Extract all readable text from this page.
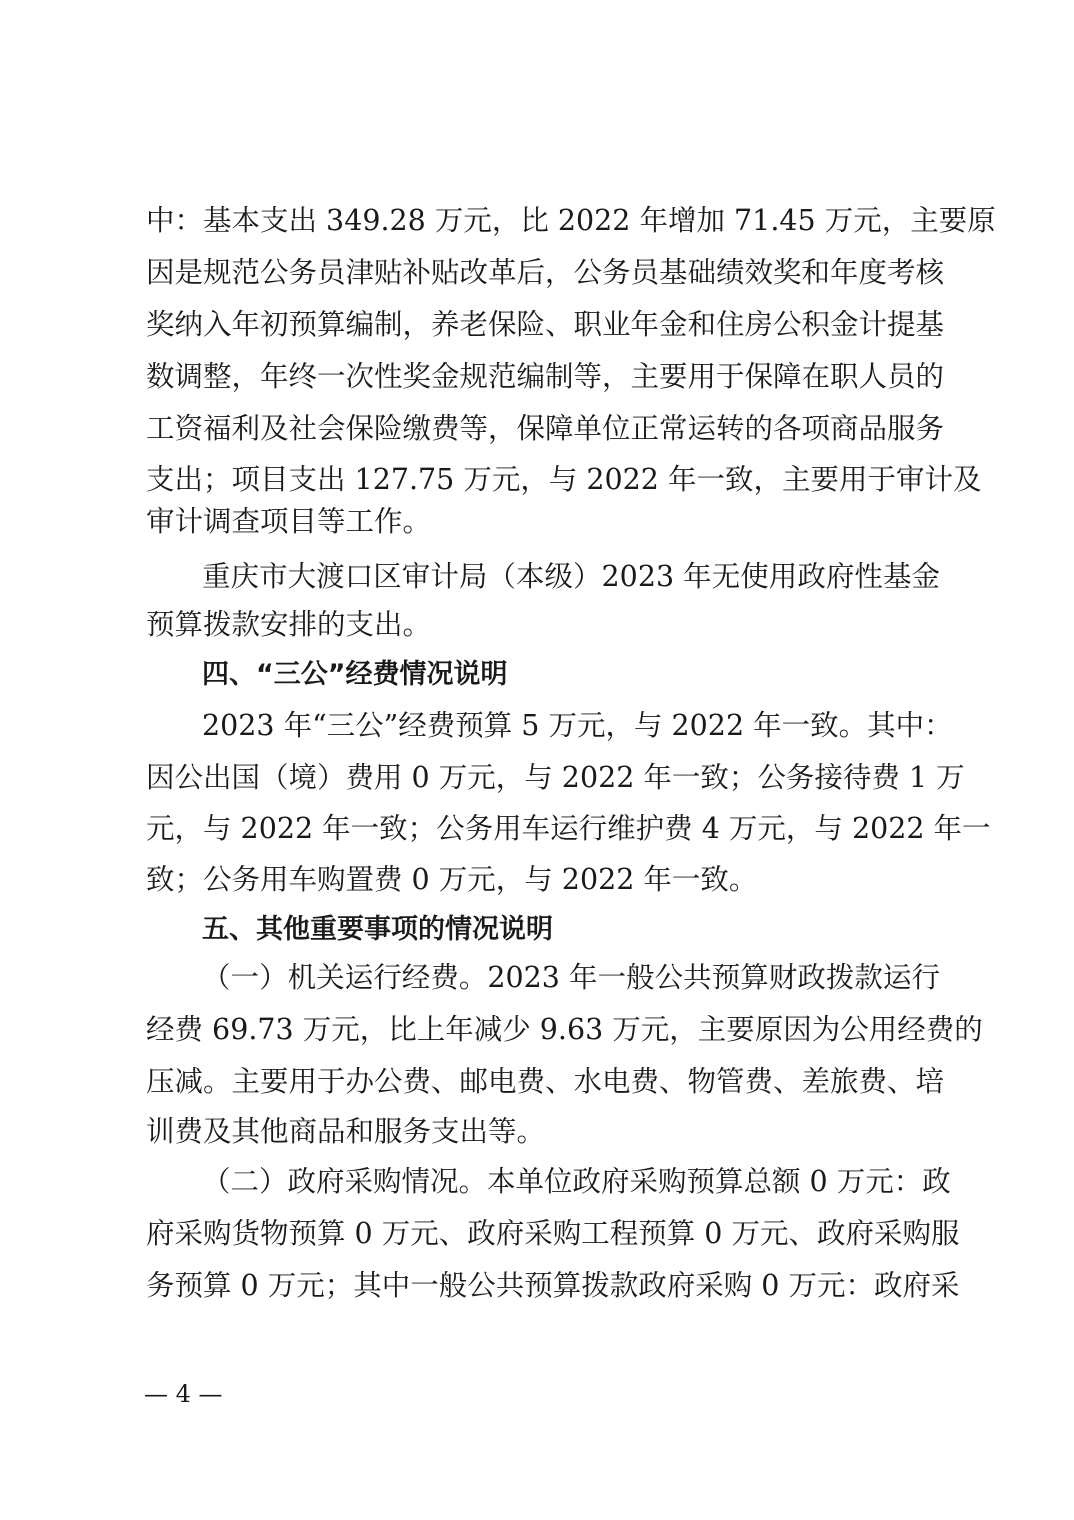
中：基本支出 349.28 万元，比 2022 年增加 71.45 万元，主要原
因是规范公务员津贴补贴改革后，公务员基础绩效奖和年度考核
奖纳入年初预算编制，养老保险、职业年金和住房公积金计提基
数调整，年终一次性奖金规范编制等，主要用于保障在职人员的
工资福利及社会保险缴费等，保障单位正常运转的各项商品服务
支出；项目支出 127.75 万元，与 2022 年一致，主要用于审计及
审计调查项目等工作。
重庆市大渡口区审计局（本级）2023 年无使用政府性基金
预算拨款安排的支出。
四、“三公”经费情况说明
2023 年“三公”经费预算 5 万元，与 2022 年一致。其中：
因公出国（境）费用 0 万元，与 2022 年一致；公务接待费 1 万
元，与 2022 年一致；公务用车运行维护费 4 万元，与 2022 年一
致；公务用车购置费 0 万元，与 2022 年一致。
五、其他重要事项的情况说明
（一）机关运行经费。2023 年一般公共预算财政拨款运行
经费 69.73 万元，比上年减少 9.63 万元，主要原因为公用经费的
压减。主要用于办公费、邮电费、水电费、物管费、差旅费、培
训费及其他商品和服务支出等。
（二）政府采购情况。本单位政府采购预算总额 0 万元：政
府采购货物预算 0 万元、政府采购工程预算 0 万元、政府采购服
务预算 0 万元；其中一般公共预算拨款政府采购 0 万元：政府采
— 4 —
